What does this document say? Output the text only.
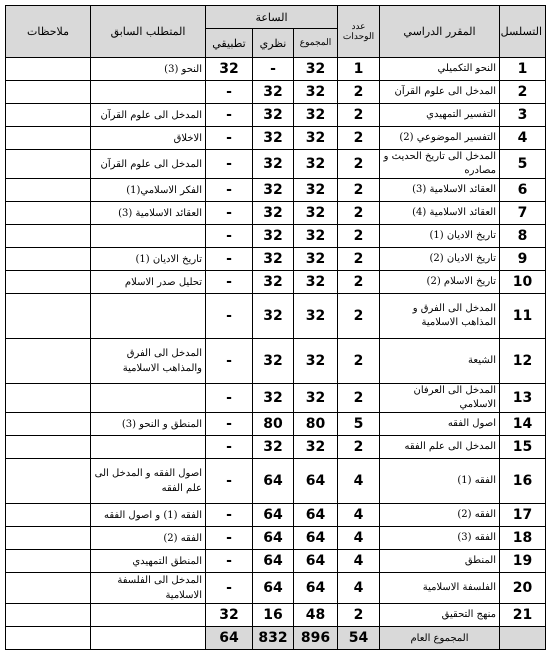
التسلسل	المقرر الدراسي	عدد الوحدات	الساعة			المتطلب السابق	ملاحظات
			المجموع	نظري	تطبيقي		
1	النحو التكميلي	1	32	-	32	النحو (3)	
2	المدخل الى علوم القرآن	2	32	32	-		
3	التفسير التمهيدي	2	32	32	-	المدخل الى علوم القرآن	
4	التفسير الموضوعي (2)	2	32	32	-	الاخلاق	
5	المدخل الى تاريخ الحديث و مصادره	2	32	32	-	المدخل الى علوم القرآن	
6	العقائد الاسلامية (3)	2	32	32	-	الفكر الاسلامي(1)	
7	العقائد الاسلامية (4)	2	32	32	-	العقائد الاسلامية (3)	
8	تاريخ الاديان (1)	2	32	32	-		
9	تاريخ الاديان (2)	2	32	32	-	تاريخ الاديان (1)	
10	تاريخ الاسلام (2)	2	32	32	-	تحليل صدر الاسلام	
11	المدخل الى الفرق و المذاهب الاسلامية	2	32	32	-		
12	الشيعة	2	32	32	-	المدخل الى الفرق والمذاهب الاسلامية	
13	المدخل الى العرفان الاسلامي	2	32	32	-		
14	اصول الفقه	5	80	80	-	المنطق و النحو (3)	
15	المدخل الى علم الفقه	2	32	32	-		
16	الفقه (1)	4	64	64	-	اصول الفقه و المدخل الى علم الفقه	
17	الفقه (2)	4	64	64	-	الفقه (1) و اصول الفقه	
18	الفقه (3)	4	64	64	-	الفقه (2)	
19	المنطق	4	64	64	-	المنطق التمهيدي	
20	الفلسفة الاسلامية	4	64	64	-	المدخل الى الفلسفة الاسلامية	
21	منهج التحقيق	2	48	16	32		
	المجموع العام	54	896	832	64		
